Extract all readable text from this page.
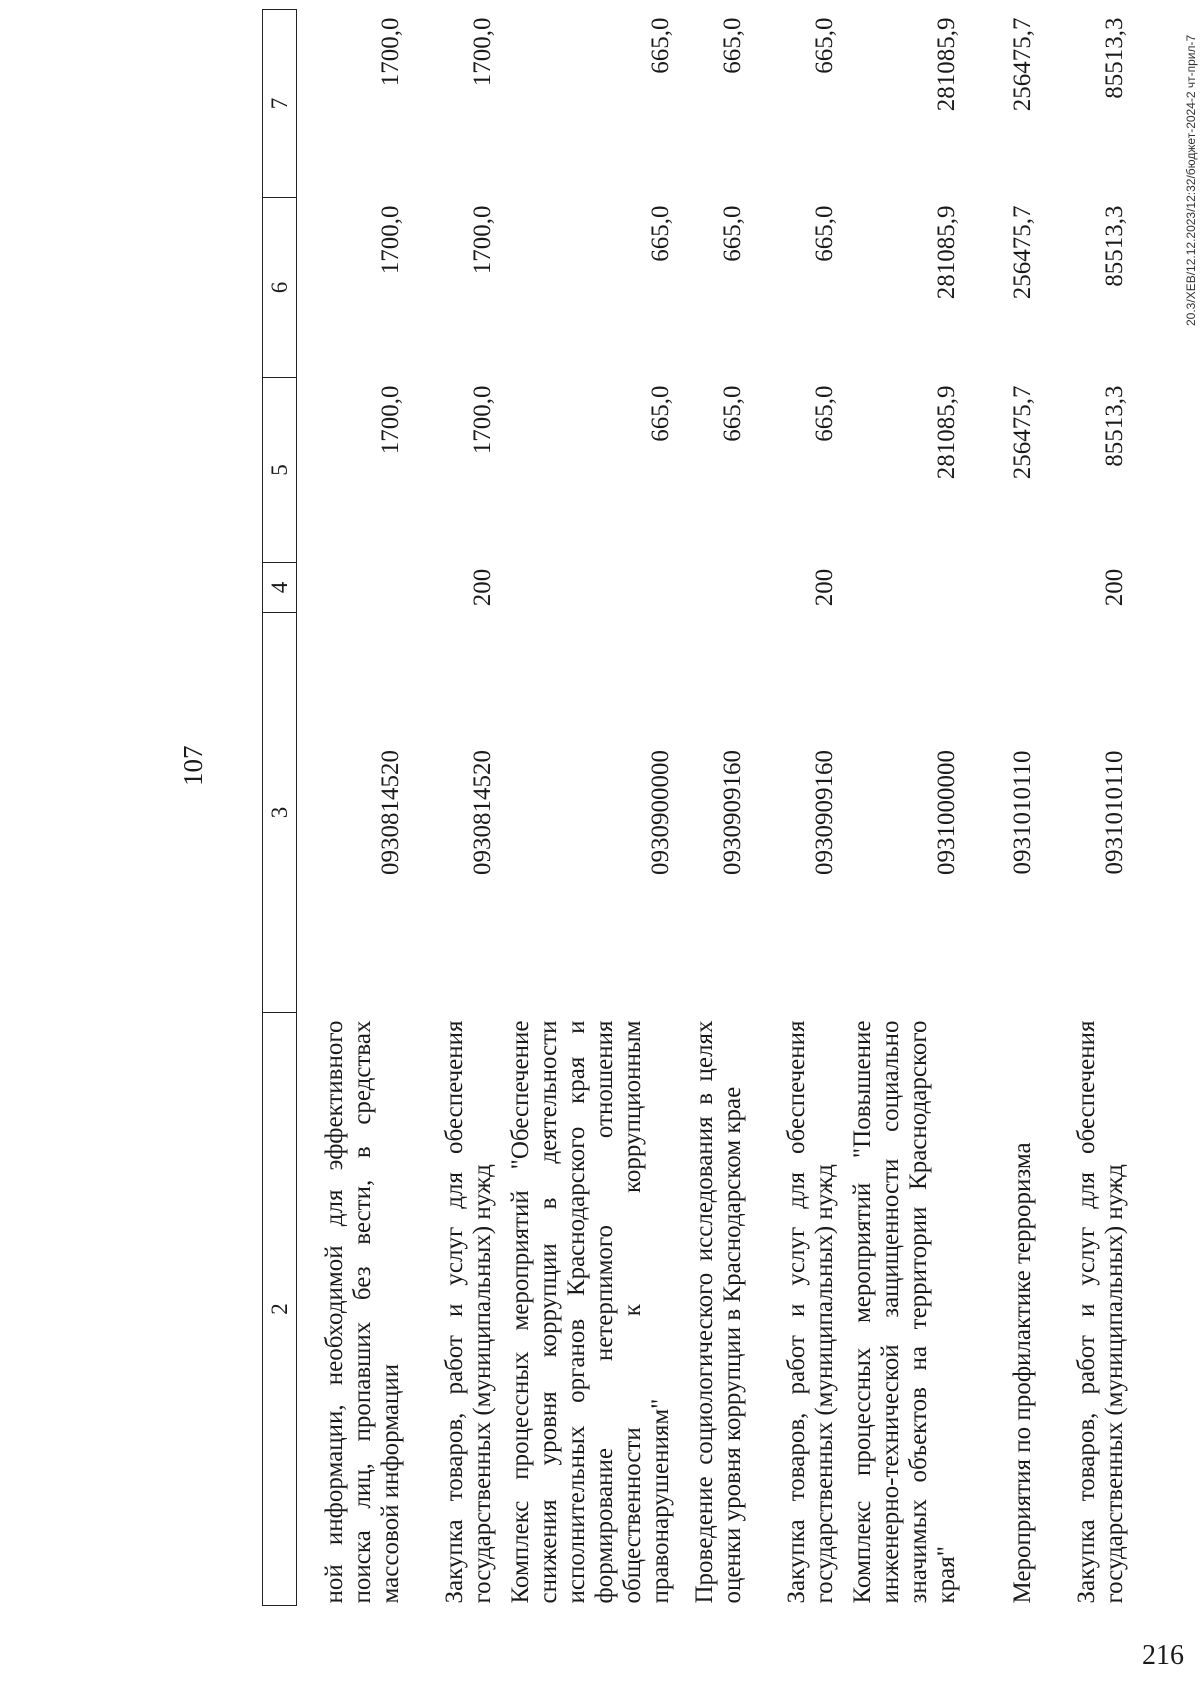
107
2	3	4	5	6	7
ной информации, необходимой для эффективного поиска лиц, пропавших без вести, в средствах массовой информации	0930814520		1700,0	1700,0	1700,0
Закупка товаров, работ и услуг для обеспечения государственных (муниципальных) нужд	0930814520	200	1700,0	1700,0	1700,0
Комплекс процессных мероприятий "Обеспечение снижения уровня коррупции в деятельности исполнительных органов Краснодарского края и формирование нетерпимого отношения общественности к коррупционным правонарушениям"	0930900000		665,0	665,0	665,0
Проведение социологического исследования в целях оценки уровня коррупции в Краснодарском крае	0930909160		665,0	665,0	665,0
Закупка товаров, работ и услуг для обеспечения государственных (муниципальных) нужд	0930909160	200	665,0	665,0	665,0
Комплекс процессных мероприятий "Повышение инженерно-технической защищенности социально значимых объектов на территории Краснодарского края"	0931000000		281085,9	281085,9	281085,9
Мероприятия по профилактике терроризма	0931010110		256475,7	256475,7	256475,7
Закупка товаров, работ и услуг для обеспечения государственных (муниципальных) нужд	0931010110	200	85513,3	85513,3	85513,3	20.3/ХЕВ/12.12.2023/12:32/бюджет-2024-2 чт-прил-7
216
